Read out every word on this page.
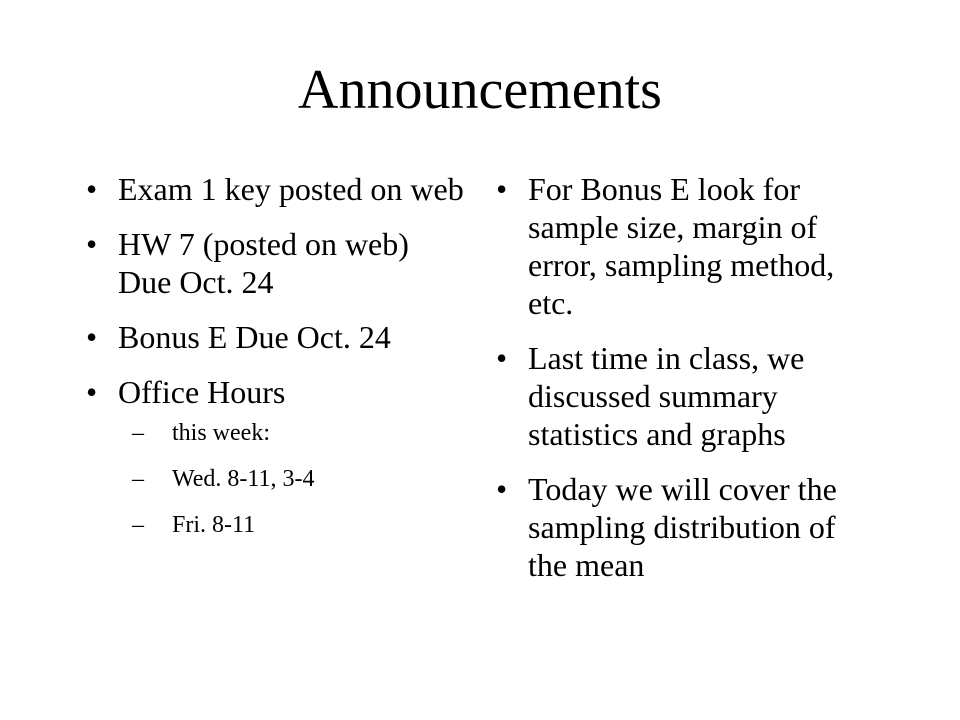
Announcements
• Exam 1 key posted on web
• HW 7 (posted on web) Due Oct. 24
• Bonus E Due Oct. 24
• Office Hours
–	this week:
–	Wed. 8-11, 3-4
–	Fri. 8-11
• For Bonus E look for sample size, margin of error, sampling method, etc.
• Last time in class, we discussed summary statistics and graphs
• Today we will cover the sampling distribution of the mean
